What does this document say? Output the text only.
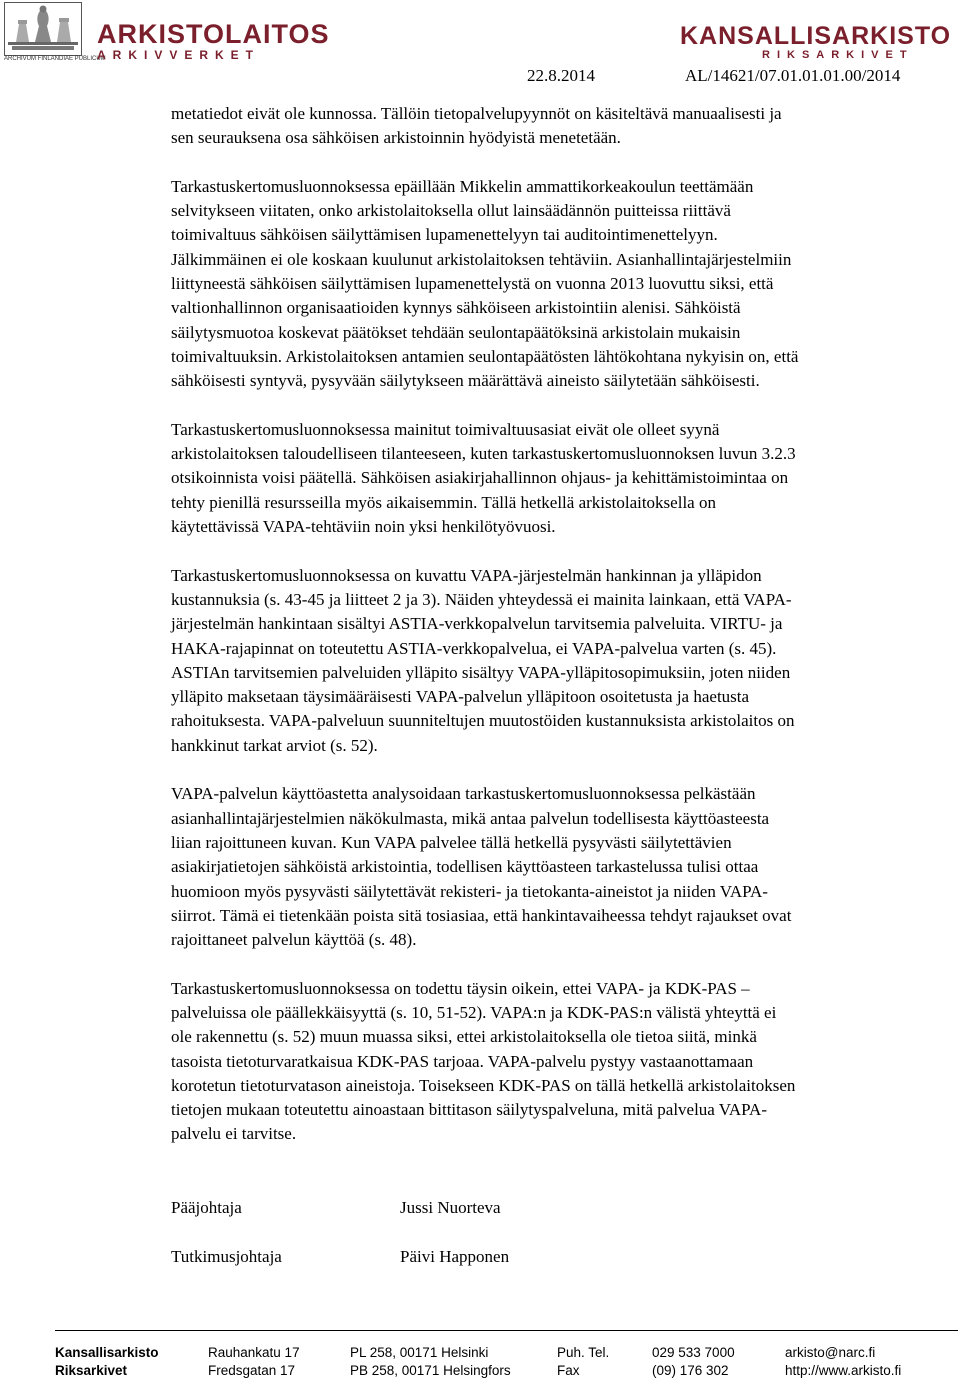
ARCHIVUM FINLANDIAE PUBLICUM
ARKISTOLAITOS
ARKIVVERKET
KANSALLISARKISTO
RIKSARKIVET
22.8.2014	AL/14621/07.01.01.01.00/2014

metatiedot eivät ole kunnossa. Tällöin tietopalvelupyynnöt on käsiteltävä manuaalisesti ja
sen seurauksena osa sähköisen arkistoinnin hyödyistä menetetään.

Tarkastuskertomusluonnoksessa epäillään Mikkelin ammattikorkeakoulun teettämään
selvitykseen viitaten, onko arkistolaitoksella ollut lainsäädännön puitteissa riittävä
toimivaltuus sähköisen säilyttämisen lupamenettelyyn tai auditointimenettelyyn.
Jälkimmäinen ei ole koskaan kuulunut arkistolaitoksen tehtäviin. Asianhallintajärjestelmiin
liittyneestä sähköisen säilyttämisen lupamenettelystä on vuonna 2013 luovuttu siksi, että
valtionhallinnon organisaatioiden kynnys sähköiseen arkistointiin alenisi. Sähköistä
säilytysmuotoa koskevat päätökset tehdään seulontapäätöksinä arkistolain mukaisin
toimivaltuuksin. Arkistolaitoksen antamien seulontapäätösten lähtökohtana nykyisin on, että
sähköisesti syntyvä, pysyvään säilytykseen määrättävä aineisto säilytetään sähköisesti.

Tarkastuskertomusluonnoksessa mainitut toimivaltuusasiat eivät ole olleet syynä
arkistolaitoksen taloudelliseen tilanteeseen, kuten tarkastuskertomusluonnoksen luvun 3.2.3
otsikoinnista voisi päätellä. Sähköisen asiakirjahallinnon ohjaus- ja kehittämistoimintaa on
tehty pienillä resursseilla myös aikaisemmin. Tällä hetkellä arkistolaitoksella on
käytettävissä VAPA-tehtäviin noin yksi henkilötyövuosi.

Tarkastuskertomusluonnoksessa on kuvattu VAPA-järjestelmän hankinnan ja ylläpidon
kustannuksia (s. 43-45 ja liitteet 2 ja 3). Näiden yhteydessä ei mainita lainkaan, että VAPA-
järjestelmän hankintaan sisältyi ASTIA-verkkopalvelun tarvitsemia palveluita. VIRTU- ja
HAKA-rajapinnat on toteutettu ASTIA-verkkopalvelua, ei VAPA-palvelua varten (s. 45).
ASTIAn tarvitsemien palveluiden ylläpito sisältyy VAPA-ylläpitosopimuksiin, joten niiden
ylläpito maksetaan täysimääräisesti VAPA-palvelun ylläpitoon osoitetusta ja haetusta
rahoituksesta. VAPA-palveluun suunniteltujen muutostöiden kustannuksista arkistolaitos on
hankkinut tarkat arviot (s. 52).

VAPA-palvelun käyttöastetta analysoidaan tarkastuskertomusluonnoksessa pelkästään
asianhallintajärjestelmien näkökulmasta, mikä antaa palvelun todellisesta käyttöasteesta
liian rajoittuneen kuvan. Kun VAPA palvelee tällä hetkellä pysyvästi säilytettävien
asiakirjatietojen sähköistä arkistointia, todellisen käyttöasteen tarkastelussa tulisi ottaa
huomioon myös pysyvästi säilytettävät rekisteri- ja tietokanta-aineistot ja niiden VAPA-
siirrot. Tämä ei tietenkään poista sitä tosiasiaa, että hankintavaiheessa tehdyt rajaukset ovat
rajoittaneet palvelun käyttöä (s. 48).

Tarkastuskertomusluonnoksessa on todettu täysin oikein, ettei VAPA- ja KDK-PAS –
palveluissa ole päällekkäisyyttä (s. 10, 51-52). VAPA:n ja KDK-PAS:n välistä yhteyttä ei
ole rakennettu (s. 52) muun muassa siksi, ettei arkistolaitoksella ole tietoa siitä, minkä
tasoista tietoturvaratkaisua KDK-PAS tarjoaa. VAPA-palvelu pystyy vastaanottamaan
korotetun tietoturvatason aineistoja. Toisekseen KDK-PAS on tällä hetkellä arkistolaitoksen
tietojen mukaan toteutettu ainoastaan bittitason säilytyspalveluna, mitä palvelua VAPA-
palvelu ei tarvitse.

Pääjohtaja	Jussi Nuorteva
Tutkimusjohtaja	Päivi Happonen
Kansallisarkisto	Rauhankatu 17	PL 258, 00171 Helsinki	Puh. Tel.	029 533 7000	arkisto@narc.fi
Riksarkivet	Fredsgatan 17	PB 258, 00171 Helsingfors	Fax	(09) 176 302	http://www.arkisto.fi
